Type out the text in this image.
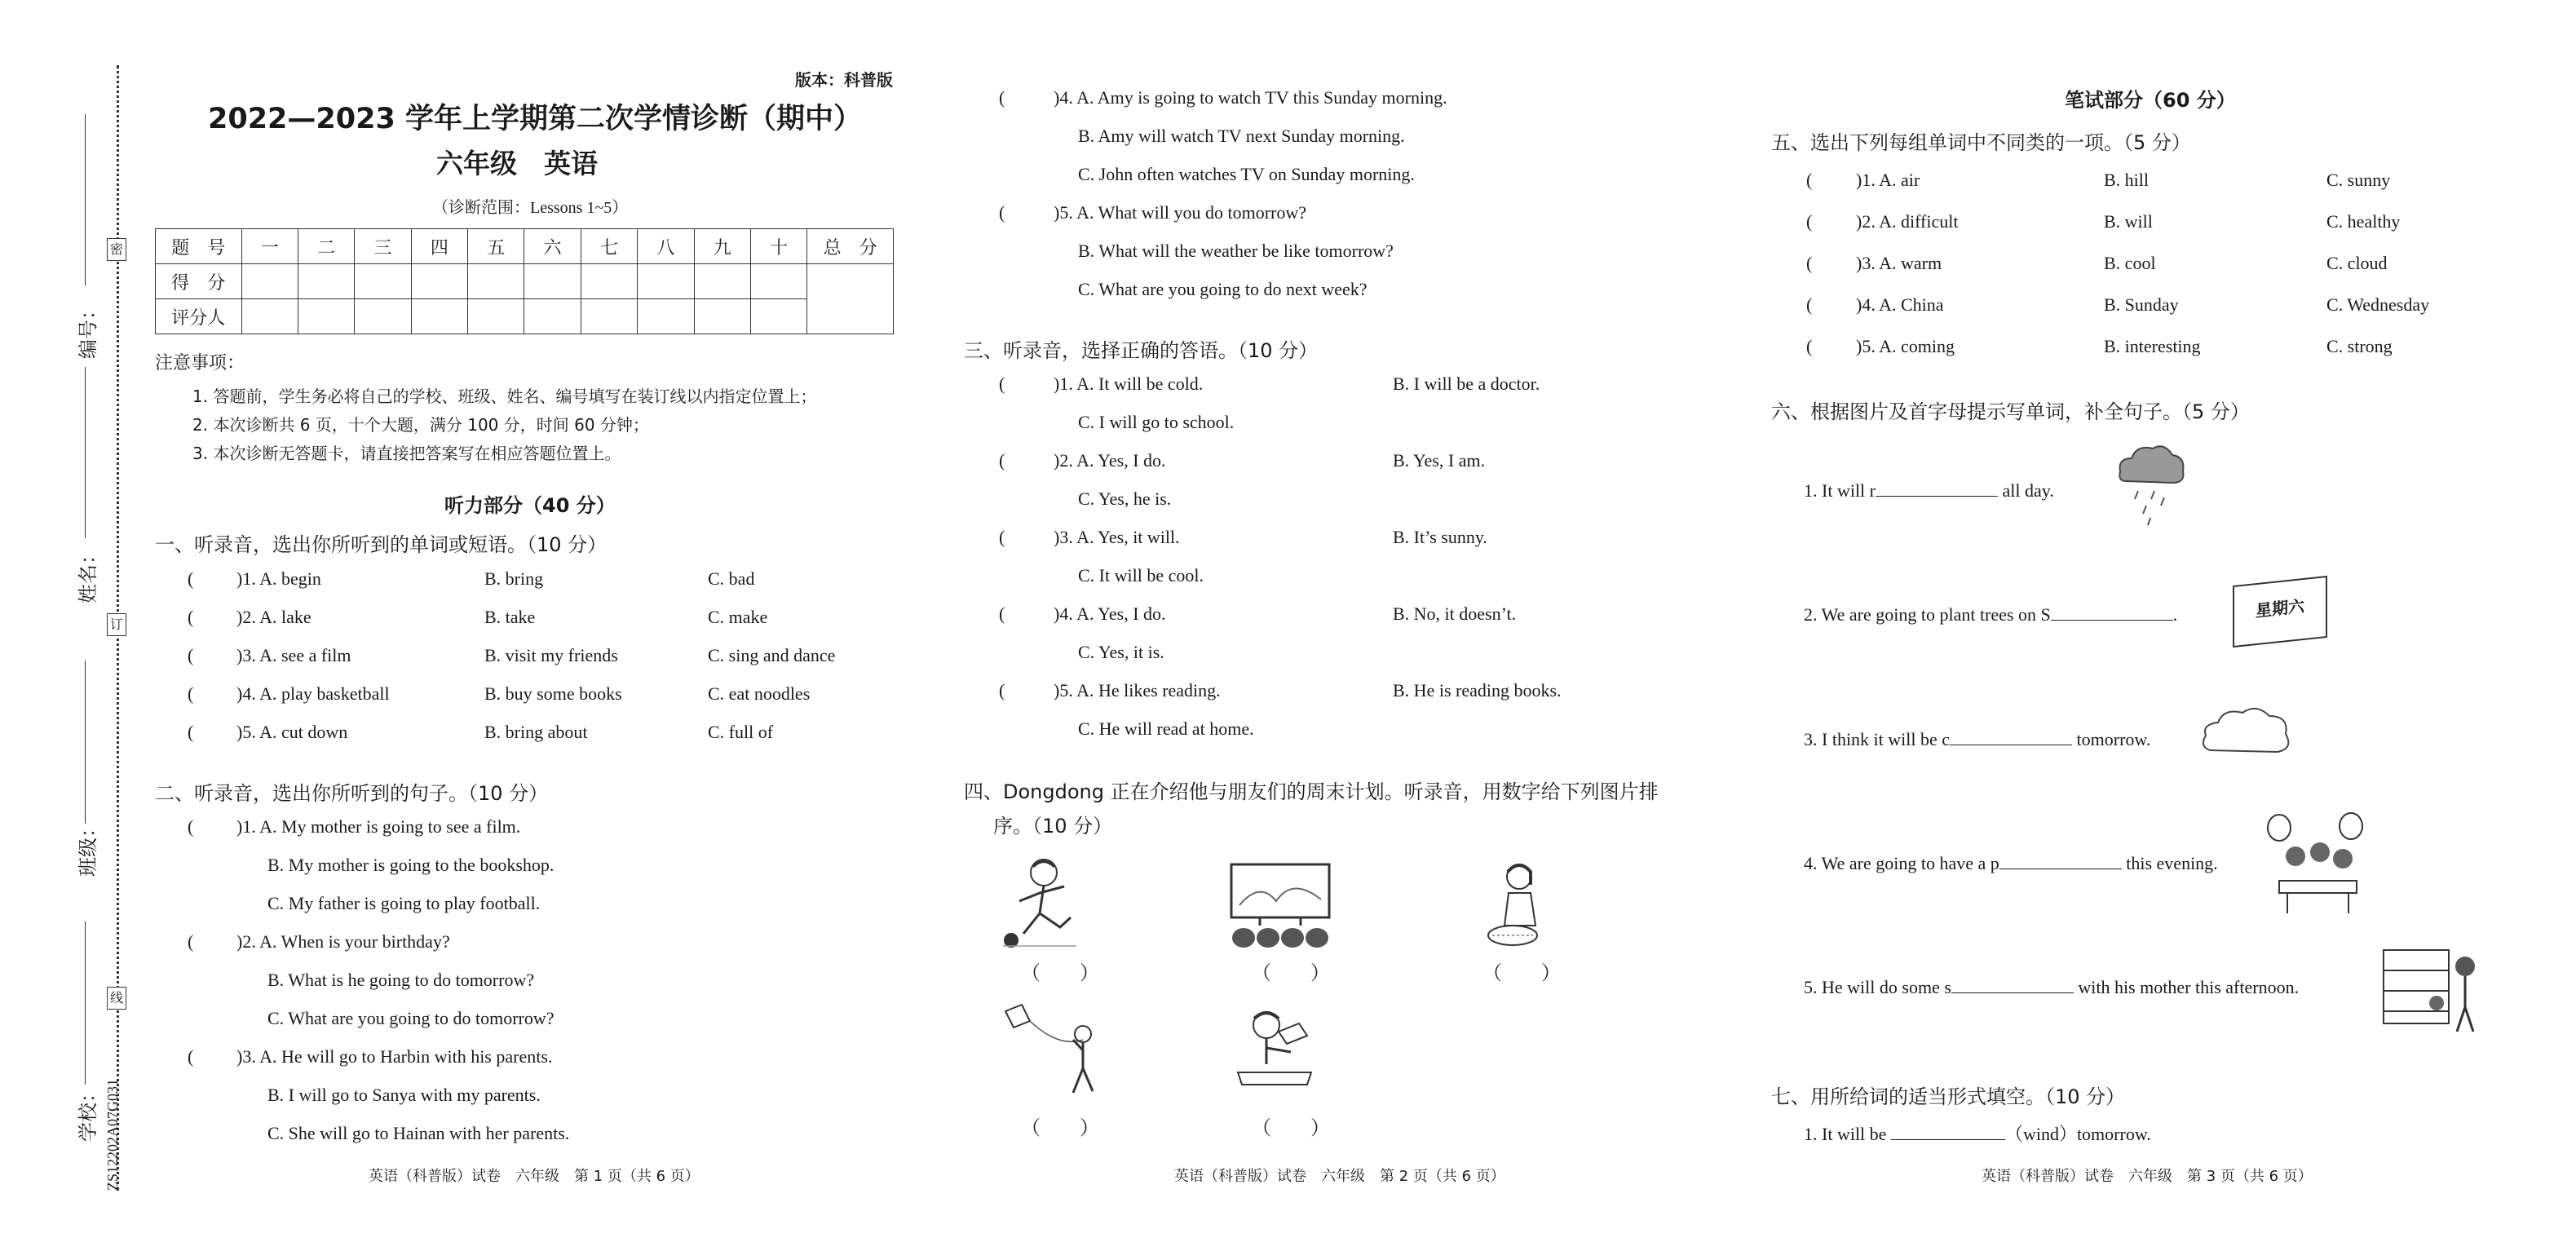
密
订
线
编号：
姓名：
班级：
学校： ZS12202A07G031
版本：科普版
2022—2023 学年上学期第二次学情诊断（期中）
六年级　英语
（诊断范围：Lessons 1~5）
题　号	一	二	三	四	五	六	七	八	九	十	总　分
得　分											
评分人											
注意事项：
1. 答题前，学生务必将自己的学校、班级、姓名、编号填写在装订线以内指定位置上；
2. 本次诊断共 6 页，十个大题，满分 100 分，时间 60 分钟；
3. 本次诊断无答题卡，请直接把答案写在相应答题位置上。
听力部分（40 分）
一、听录音，选出你所听到的单词或短语。（10 分）
( )1. A. begin	B. bring	C. bad
( )2. A. lake	B. take	C. make
( )3. A. see a film	B. visit my friends	C. sing and dance
( )4. A. play basketball	B. buy some books	C. eat noodles
( )5. A. cut down	B. bring about	C. full of
二、听录音，选出你所听到的句子。（10 分）
( )1. A. My mother is going to see a film.
B. My mother is going to the bookshop.
C. My father is going to play football.
( )2. A. When is your birthday?
B. What is he going to do tomorrow?
C. What are you going to do tomorrow?
( )3. A. He will go to Harbin with his parents.
B. I will go to Sanya with my parents.
C. She will go to Hainan with her parents.
英语（科普版）试卷　六年级　第 1 页（共 6 页）
(	)4. A. Amy is going to watch TV this Sunday morning.
B. Amy will watch TV next Sunday morning.
C. John often watches TV on Sunday morning.
(	)5. A. What will you do tomorrow?
B. What will the weather be like tomorrow?
C. What are you going to do next week?
三、听录音，选择正确的答语。（10 分）
(	)1. A. It will be cold.	B. I will be a doctor.
C. I will go to school.
(	)2. A. Yes, I do.	B. Yes, I am.
C. Yes, he is.
(	)3. A. Yes, it will.	B. It’s sunny.
C. It will be cool.
(	)4. A. Yes, I do.	B. No, it doesn’t.
C. Yes, it is.
(	)5. A. He likes reading.	B. He is reading books.
C. He will read at home.
四、Dongdong 正在介绍他与朋友们的周末计划。听录音，用数字给下列图片排
序。（10 分）
（　　）	（　　）	（　　）
（　　）	（　　）
英语（科普版）试卷　六年级　第 2 页（共 6 页）
笔试部分（60 分）
五、选出下列每组单词中不同类的一项。（5 分）
( )1. A. air	B. hill	C. sunny
( )2. A. difficult	B. will	C. healthy
( )3. A. warm	B. cool	C. cloud
( )4. A. China	B. Sunday	C. Wednesday
( )5. A. coming	B. interesting	C. strong
六、根据图片及首字母提示写单词，补全句子。（5 分）
1. It will r	all day.
2. We are going to plant trees on S	.	星期六
3. I think it will be c	tomorrow.
4. We are going to have a p	this evening.
5. He will do some s	with his mother this afternoon.
七、用所给词的适当形式填空。（10 分）
1. It will be	（wind）tomorrow.
英语（科普版）试卷　六年级　第 3 页（共 6 页）
